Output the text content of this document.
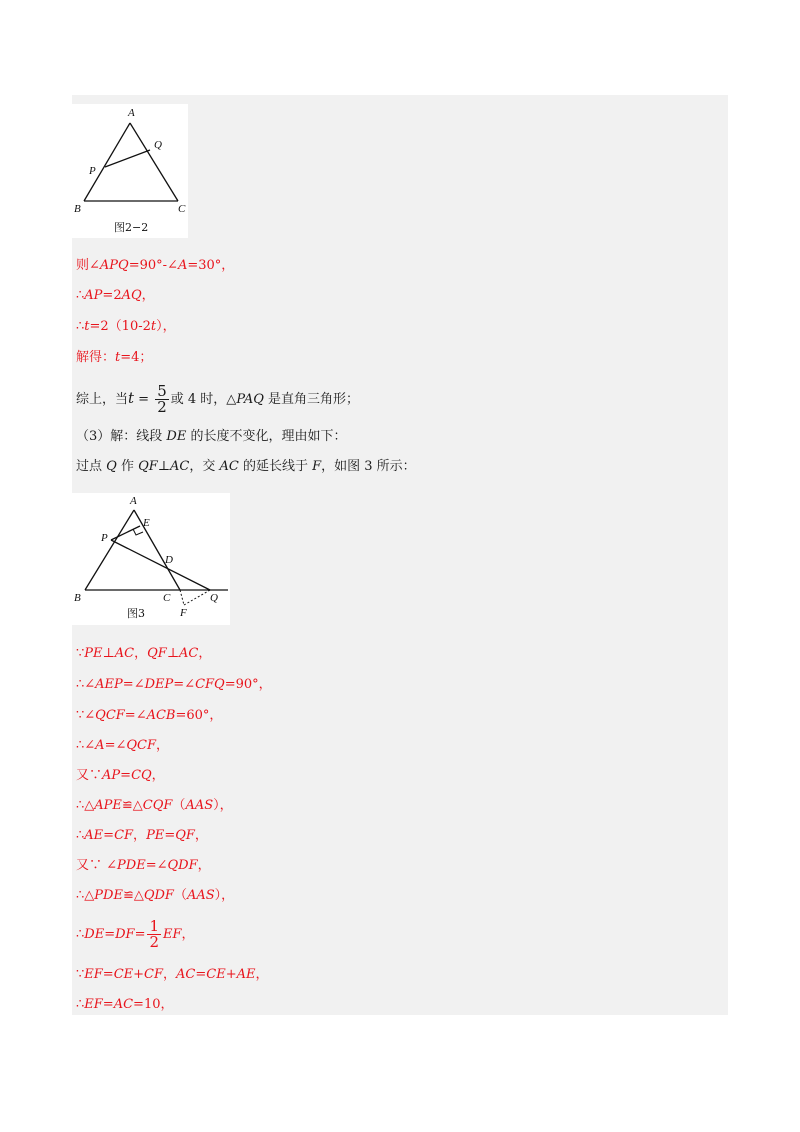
A
B	C
P
Q
图2−2
则∠APQ=90°-∠A=30°，
∴AP=2AQ，
∴t=2（10-2t），
解得：t=4；
综上，当$t = \frac{5}{2}$ 或 4 时，△PAQ 是直角三角形；
（3）解：线段 DE 的长度不变化，理由如下：
过点 Q 作 QF⊥AC，交 AC 的延长线于 F，如图 3 所示：
A
E
P
D
B	C	Q
F
图3
∵PE⊥AC，QF⊥AC，
∴∠AEP=∠DEP=∠CFQ=90°，
∵∠QCF=∠ACB=60°，
∴∠A=∠QCF，
又∵AP=CQ，
∴△APE≌△CQF（AAS），
∴AE=CF，PE=QF，
又∵ ∠PDE=∠QDF，
∴△PDE≌△QDF（AAS），
∴DE=DF= $\frac{1}{2}$ EF，
∵EF=CE+CF，AC=CE+AE，
∴EF=AC=10，
